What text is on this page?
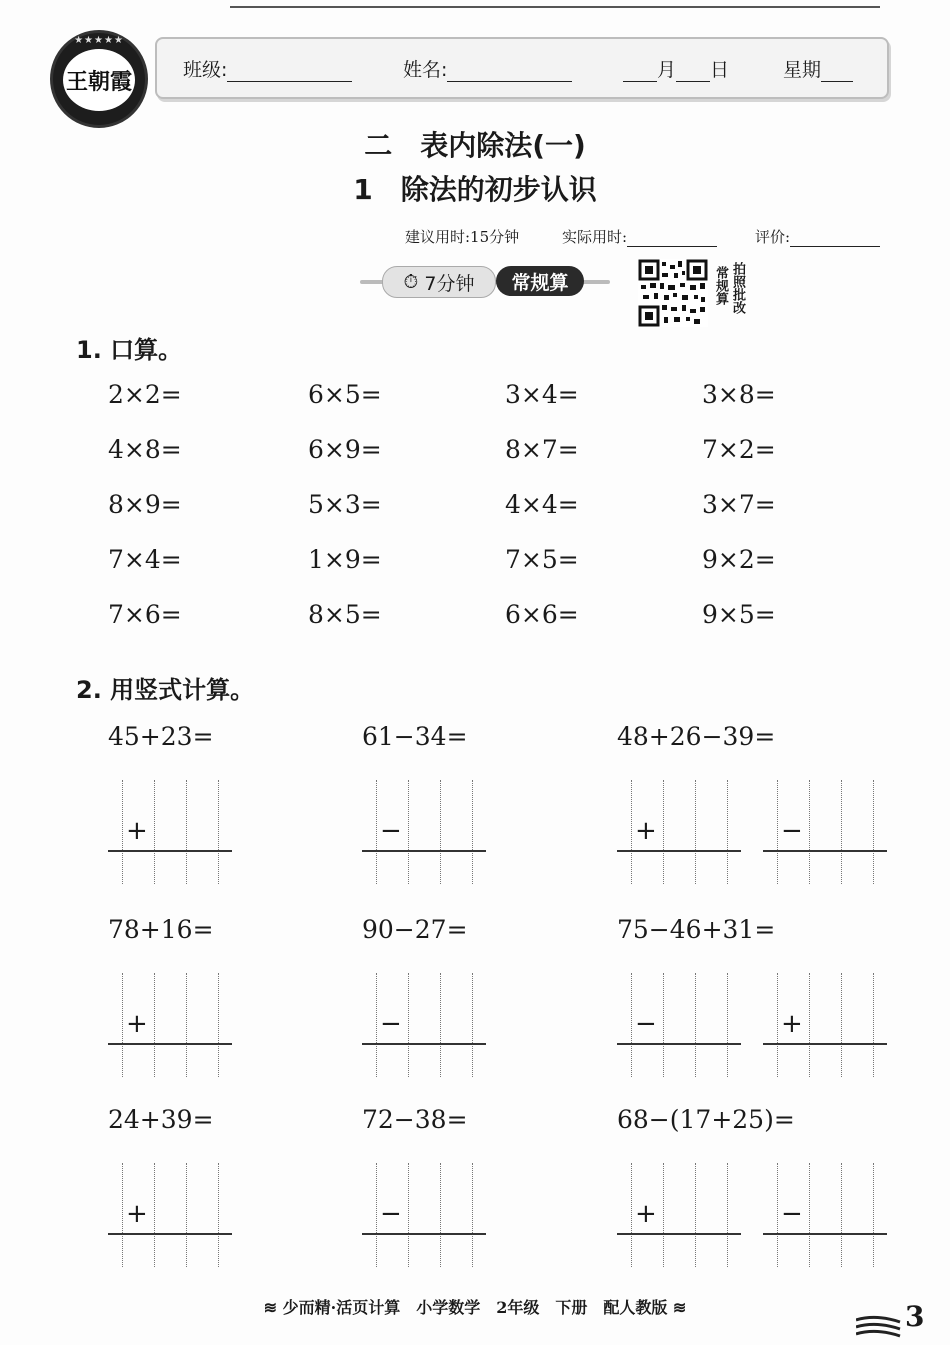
★★★★★
王朝霞	班级:	姓名:	月 日	星期
二　表内除法(一)
1　除法的初步认识
建议用时:15分钟	实际用时:	评价:
⏱ 7分钟	常规算	常规算 拍照批改
1. 口算。
2×2=	6×5=	3×4=	3×8=
4×8=	6×9=	8×7=	7×2=
8×9=	5×3=	4×4=	3×7=
7×4=	1×9=	7×5=	9×2=
7×6=	8×5=	6×6=	9×5=
2. 用竖式计算。
45+23=
+
61−34=
−
48+26−39=
+	−
78+16=
+
90−27=
−
75−46+31=
−	+
24+39=
+
72−38=
−
68−(17+25)=
+	−
≋ 少而精·活页计算　小学数学　2年级　下册　配人教版 ≋	3
